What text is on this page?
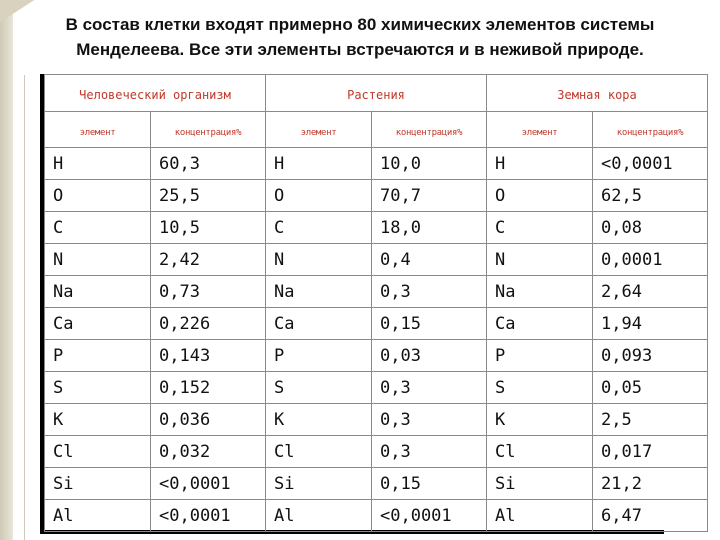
В состав клетки входят примерно 80 химических элементов системы
Менделеева. Все эти элементы встречаются и в неживой природе.
Человеческий организм		Растения		Земная кора	
элемент	концентрация%	элемент	концентрация%	элемент	концентрация%
H	60,3	H	10,0	H	<0,0001
O	25,5	O	70,7	O	62,5
C	10,5	C	18,0	C	0,08
N	2,42	N	0,4	N	0,0001
Na	0,73	Na	0,3	Na	2,64
Ca	0,226	Ca	0,15	Ca	1,94
P	0,143	P	0,03	P	0,093
S	0,152	S	0,3	S	0,05
K	0,036	K	0,3	K	2,5
Cl	0,032	Cl	0,3	Cl	0,017
Si	<0,0001	Si	0,15	Si	21,2
Al	<0,0001	Al	<0,0001	Al	6,47
